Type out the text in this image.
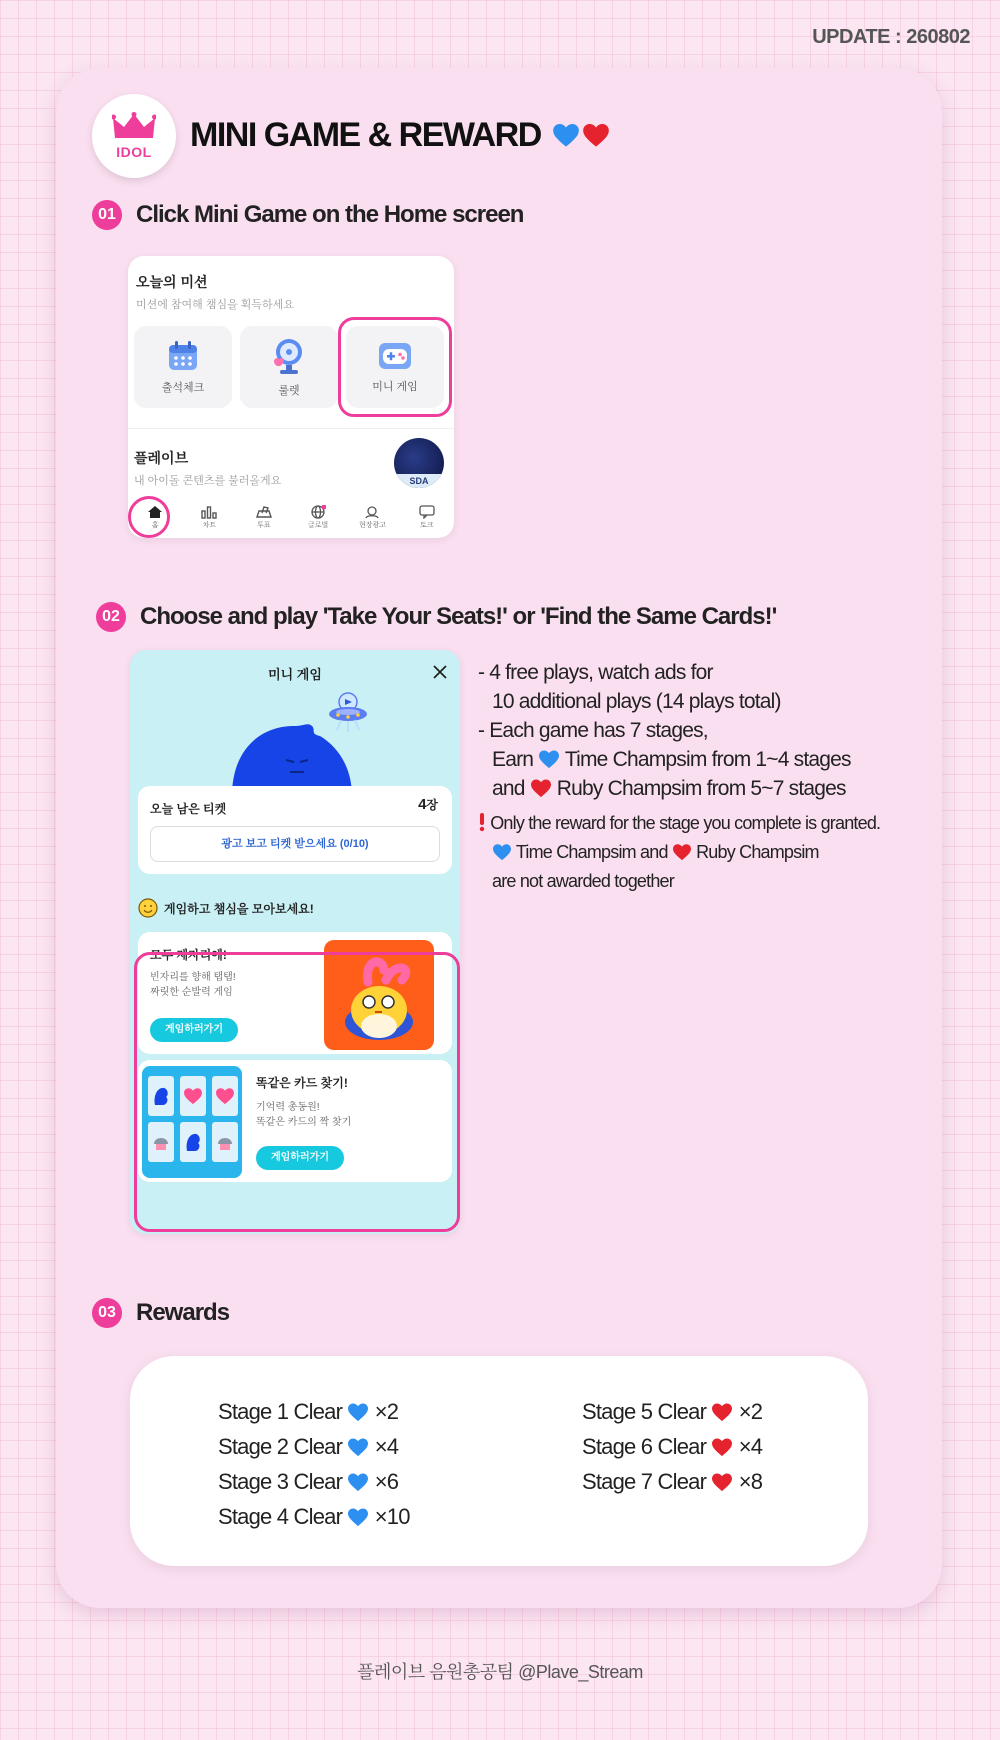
UPDATE : 260802
IDOL MINI GAME & REWARD
01 Click Mini Game on the Home screen
오늘의 미션
미션에 참여해 챔심을 획득하세요
출석체크	룰렛	미니 게임
플레이브
내 아이돌 콘텐츠를 불러올게요	SDA
홈	차트	투표	글로벌	현장광고	토크
02 Choose and play 'Take Your Seats!' or 'Find the Same Cards!'
미니 게임
오늘 남은 티켓	4장
광고 보고 티켓 받으세요 (0/10)
게임하고 챔심을 모아보세요!
모두 제자리에!
빈자리를 향해 탭탭!
짜릿한 순발력 게임
게임하러가기
똑같은 카드 찾기!
기억력 총동원!
똑같은 카드의 짝 찾기
게임하러가기
- 4 free plays, watch ads for
10 additional plays (14 plays total)
- Each game has 7 stages,
Earn Time Champsim from 1~4 stages
and Ruby Champsim from 5~7 stages
Only the reward for the stage you complete is granted.
Time Champsim and Ruby Champsim
are not awarded together
03 Rewards
Stage 1 Clear ×2
Stage 2 Clear ×4
Stage 3 Clear ×6
Stage 4 Clear ×10
Stage 5 Clear ×2
Stage 6 Clear ×4
Stage 7 Clear ×8
플레이브 음원총공팀 @Plave_Stream
